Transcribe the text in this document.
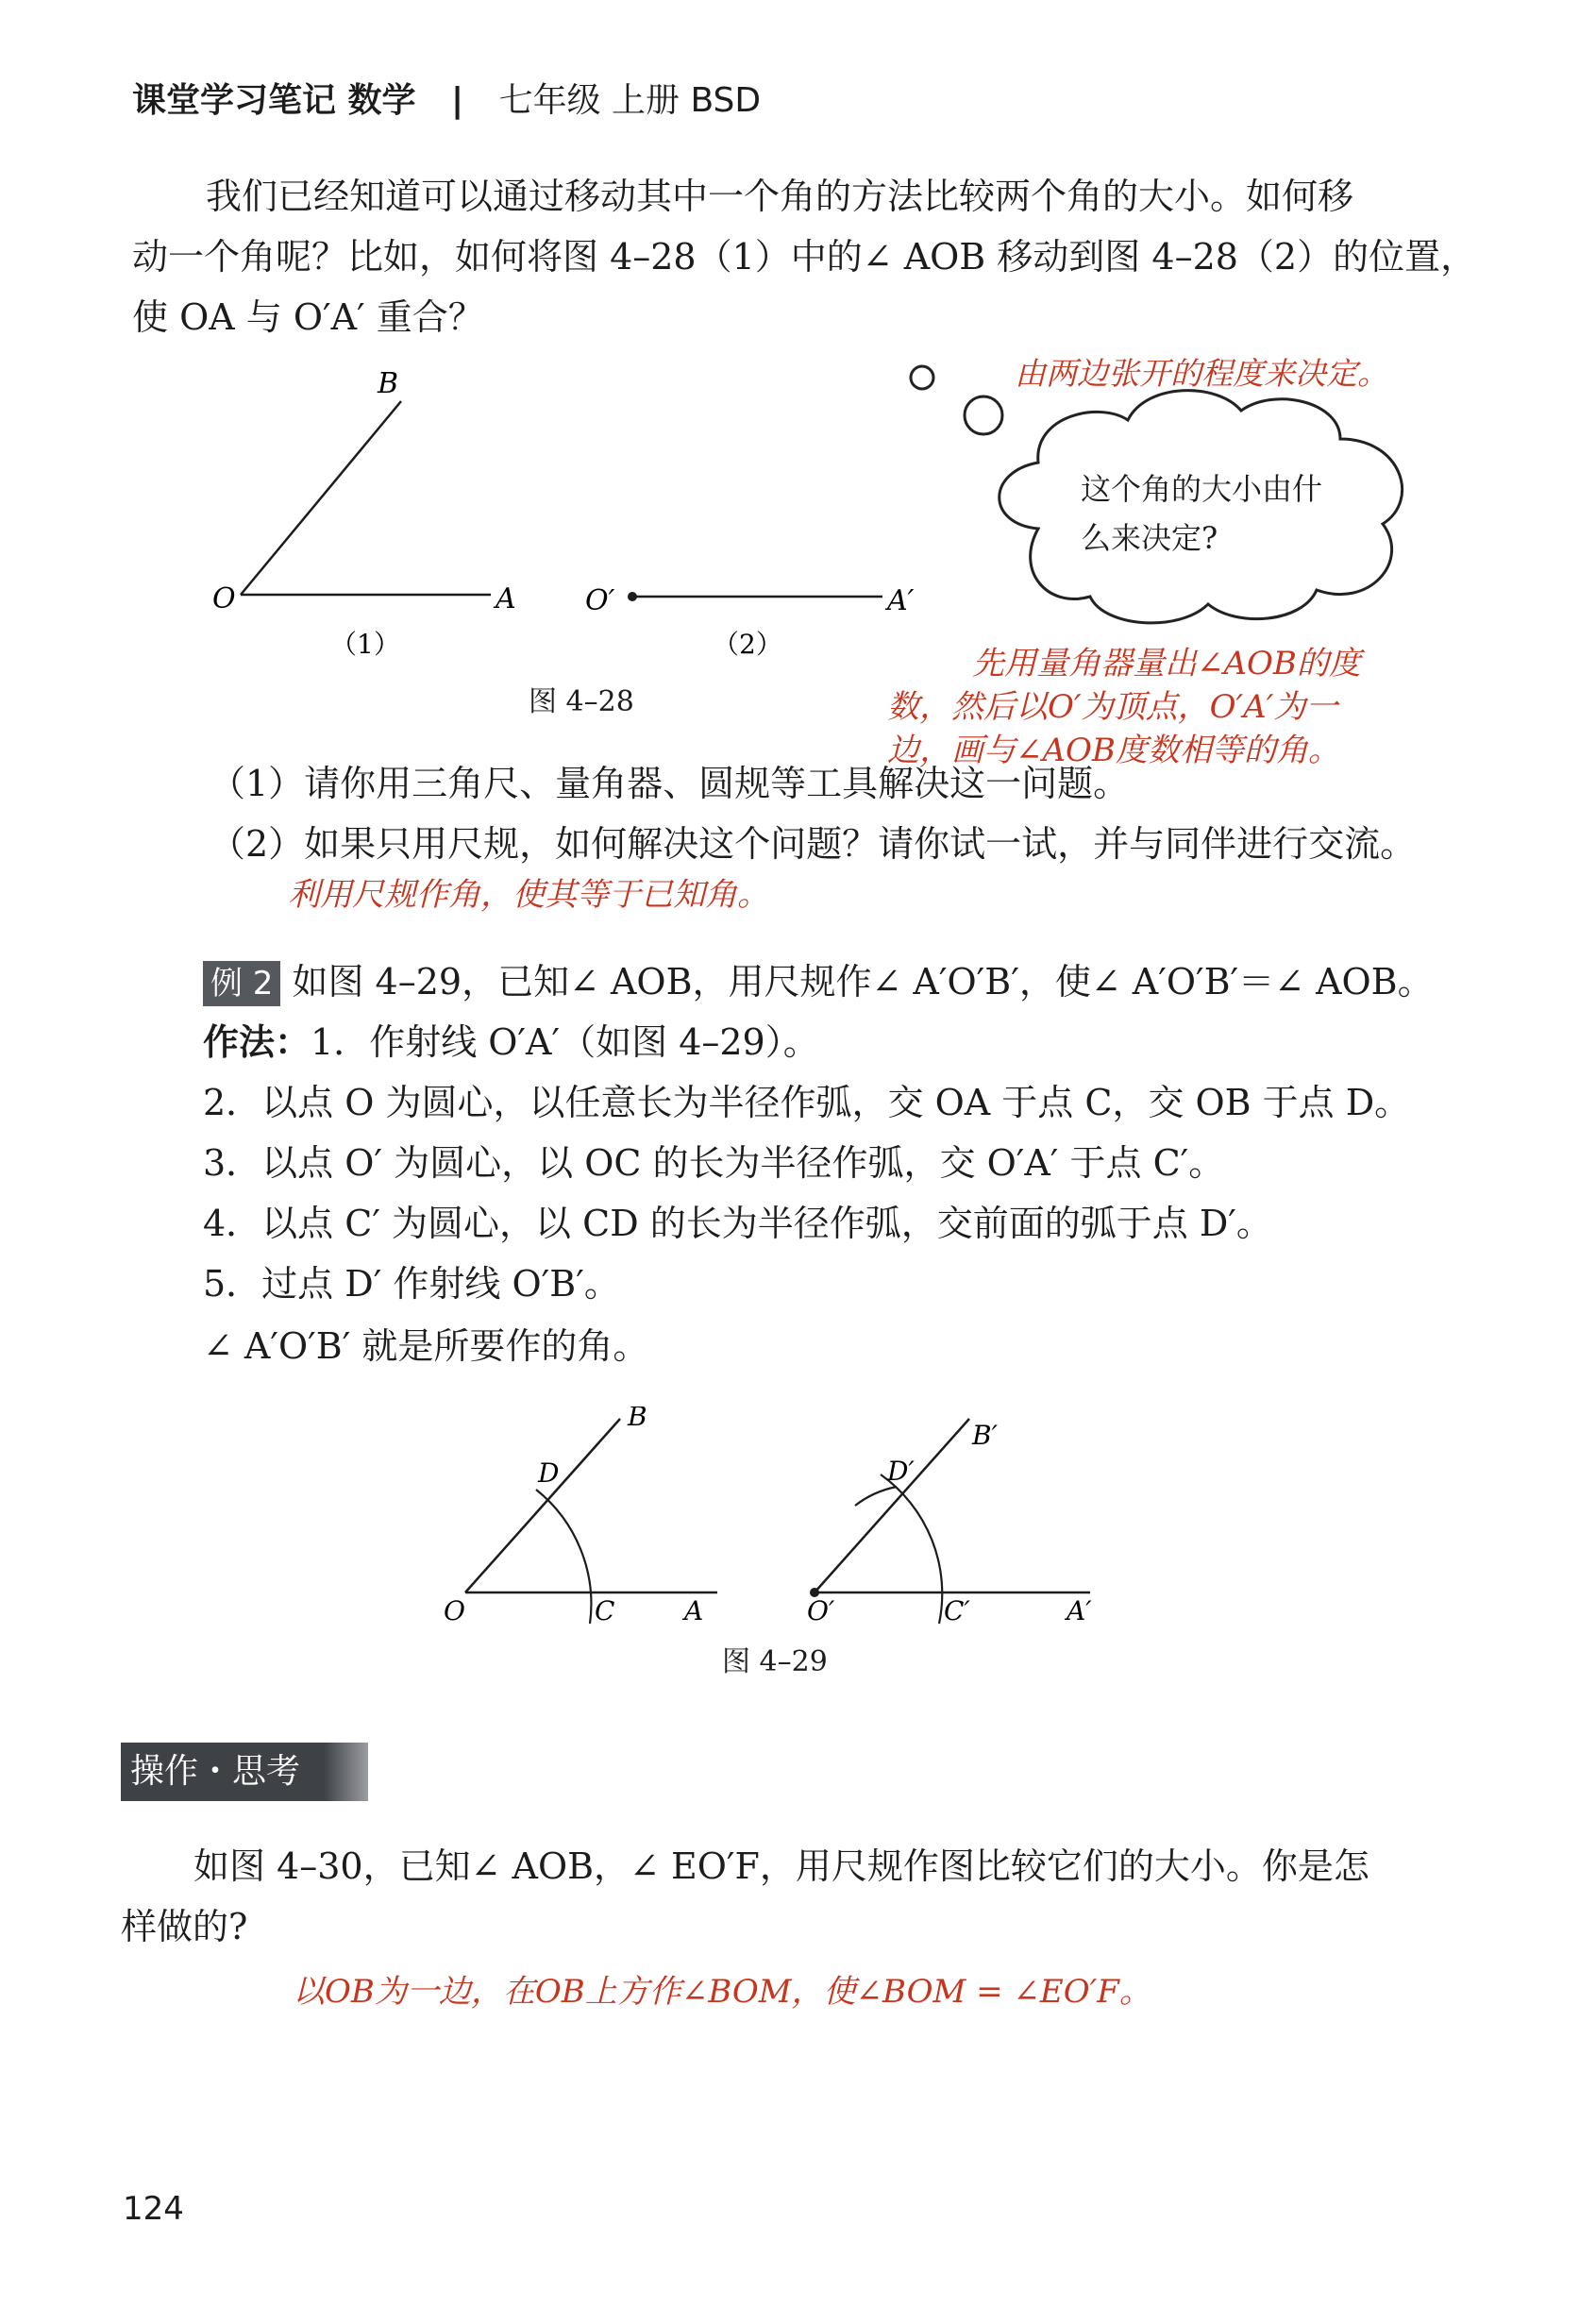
课堂学习笔记 数学 | 七年级 上册 BSD
我们已经知道可以通过移动其中一个角的方法比较两个角的大小。如何移
动一个角呢？比如，如何将图 4–28（1）中的∠ AOB 移动到图 4–28（2）的位置，
使 OA 与 O′A′ 重合？
B
O	A
（1）
O′	A′
（2）
图 4–28
这个角的大小由什
么来决定?
由两边张开的程度来决定。
先用量角器量出∠AOB的度
数，然后以O′为顶点，O′A′为一
边，画与∠AOB度数相等的角。
（1）请你用三角尺、量角器、圆规等工具解决这一问题。
（2）如果只用尺规，如何解决这个问题？请你试一试，并与同伴进行交流。
利用尺规作角，使其等于已知角。
例 2 如图 4–29，已知∠ AOB，用尺规作∠ A′O′B′，使∠ A′O′B′＝∠ AOB。
作法：1．作射线 O′A′（如图 4–29）。
2．以点 O 为圆心，以任意长为半径作弧，交 OA 于点 C，交 OB 于点 D。
3．以点 O′ 为圆心，以 OC 的长为半径作弧，交 O′A′ 于点 C′。
4．以点 C′ 为圆心，以 CD 的长为半径作弧，交前面的弧于点 D′。
5．过点 D′ 作射线 O′B′。
∠ A′O′B′ 就是所要作的角。
B
D
O	C	A
B′
D′
O′	C′	A′
图 4–29
操作・思考
如图 4–30，已知∠ AOB，∠ EO′F，用尺规作图比较它们的大小。你是怎
样做的?
以OB为一边，在OB上方作∠BOM，使∠BOM = ∠EO′F。
124
